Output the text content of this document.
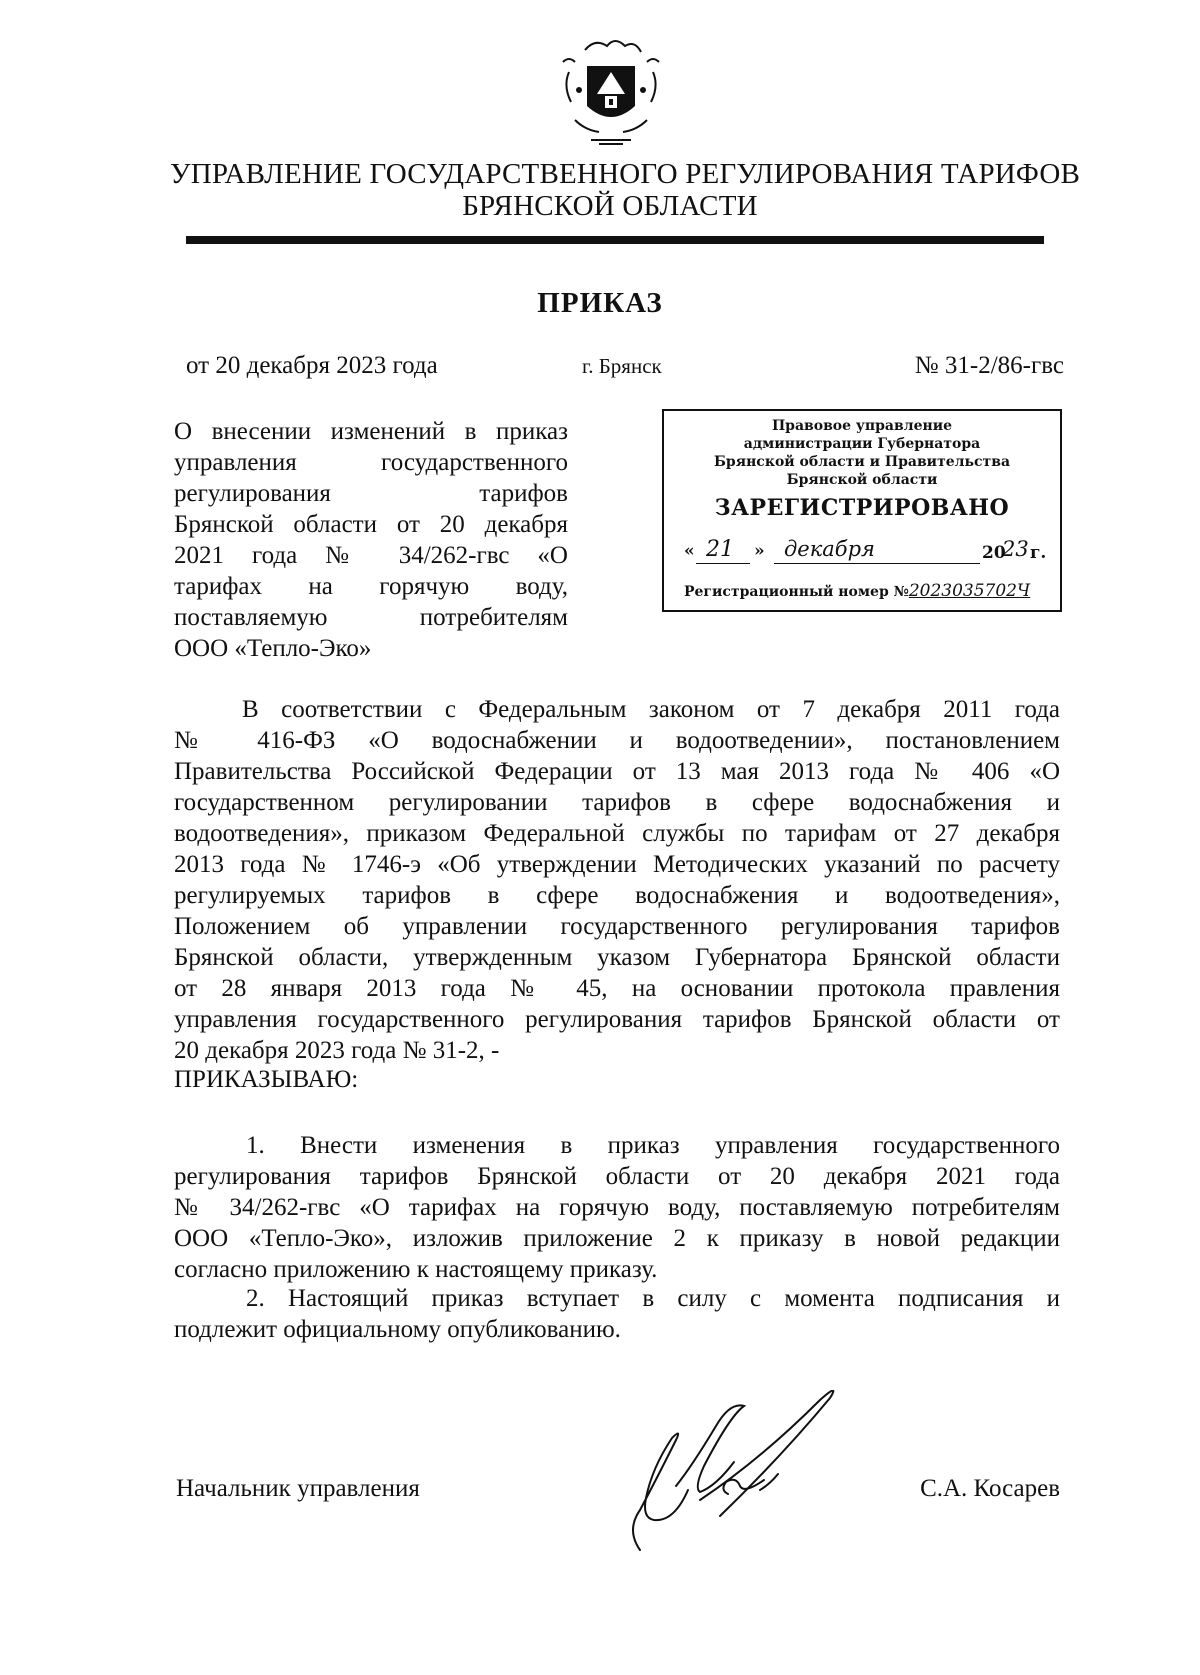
УПРАВЛЕНИЕ ГОСУДАРСТВЕННОГО РЕГУЛИРОВАНИЯ ТАРИФОВ
БРЯНСКОЙ ОБЛАСТИ
ПРИКАЗ
от 20 декабря 2023 года	г. Брянск	№ 31-2/86-гвс
О внесении изменений в приказ
управления государственного
регулирования тарифов
Брянской области от 20 декабря
2021 года № 34/262-гвс «О
тарифах на горячую воду,
поставляемую потребителям
ООО «Тепло-Эко»
Правовое управление
администрации Губернатора
Брянской области и Правительства
Брянской области
ЗАРЕГИСТРИРОВАНО
« 21 » декабря	20
23 г.
Регистрационный номер №2023035702Ч
В соответствии с Федеральным законом от 7 декабря 2011 года
№ 416-ФЗ «О водоснабжении и водоотведении», постановлением
Правительства Российской Федерации от 13 мая 2013 года № 406 «О
государственном регулировании тарифов в сфере водоснабжения и
водоотведения», приказом Федеральной службы по тарифам от 27 декабря
2013 года № 1746-э «Об утверждении Методических указаний по расчету
регулируемых тарифов в сфере водоснабжения и водоотведения»,
Положением об управлении государственного регулирования тарифов
Брянской области, утвержденным указом Губернатора Брянской области
от 28 января 2013 года № 45, на основании протокола правления
управления государственного регулирования тарифов Брянской области от
20 декабря 2023 года № 31-2, -
ПРИКАЗЫВАЮ:
1. Внести изменения в приказ управления государственного
регулирования тарифов Брянской области от 20 декабря 2021 года
№ 34/262-гвс «О тарифах на горячую воду, поставляемую потребителям
ООО «Тепло-Эко», изложив приложение 2 к приказу в новой редакции
согласно приложению к настоящему приказу.
2. Настоящий приказ вступает в силу с момента подписания и
подлежит официальному опубликованию.
Начальник управления	С.А. Косарев
